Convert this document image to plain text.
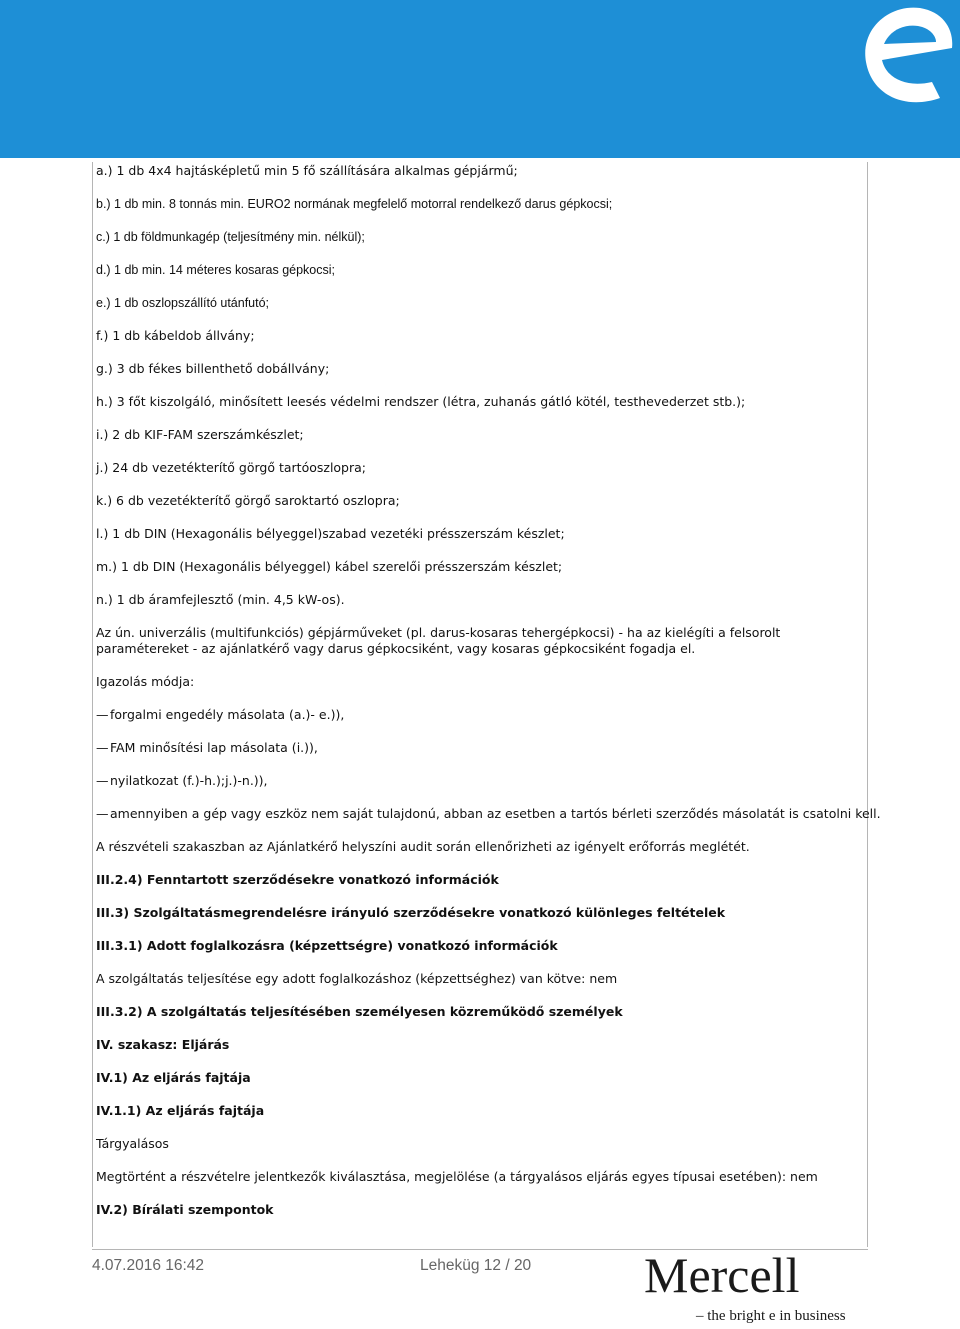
a.) 1 db 4x4 hajtásképletű min 5 fő szállítására alkalmas gépjármű;
b.) 1 db min. 8 tonnás min. EURO2 normának megfelelő motorral rendelkező darus gépkocsi;
c.) 1 db földmunkagép (teljesítmény min. nélkül);
d.) 1 db min. 14 méteres kosaras gépkocsi;
e.) 1 db oszlopszállító utánfutó;
f.) 1 db kábeldob állvány;
g.) 3 db fékes billenthető dobállvány;
h.) 3 főt kiszolgáló, minősített leesés védelmi rendszer (létra, zuhanás gátló kötél, testhevederzet stb.);
i.) 2 db KIF-FAM szerszámkészlet;
j.) 24 db vezetékterítő görgő tartóoszlopra;
k.) 6 db vezetékterítő görgő saroktartó oszlopra;
l.) 1 db DIN (Hexagonális bélyeggel)szabad vezetéki présszerszám készlet;
m.) 1 db DIN (Hexagonális bélyeggel) kábel szerelői présszerszám készlet;
n.) 1 db áramfejlesztő (min. 4,5 kW-os).
Az ún. univerzális (multifunkciós) gépjárműveket (pl. darus-kosaras tehergépkocsi) - ha az kielégíti a felsorolt paramétereket - az ajánlatkérő vagy darus gépkocsiként, vagy kosaras gépkocsiként fogadja el.
Igazolás módja:
— forgalmi engedély másolata (a.)- e.)),
— FAM minősítési lap másolata (i.)),
— nyilatkozat (f.)-h.);j.)-n.)),
— amennyiben a gép vagy eszköz nem saját tulajdonú, abban az esetben a tartós bérleti szerződés másolatát is csatolni kell.
A részvételi szakaszban az Ajánlatkérő helyszíni audit során ellenőrizheti az igényelt erőforrás meglétét.
III.2.4) Fenntartott szerződésekre vonatkozó információk
III.3) Szolgáltatásmegrendelésre irányuló szerződésekre vonatkozó különleges feltételek
III.3.1) Adott foglalkozásra (képzettségre) vonatkozó információk
A szolgáltatás teljesítése egy adott foglalkozáshoz (képzettséghez) van kötve: nem
III.3.2) A szolgáltatás teljesítésében személyesen közreműködő személyek
IV. szakasz: Eljárás
IV.1) Az eljárás fajtája
IV.1.1) Az eljárás fajtája
Tárgyalásos
Megtörtént a részvételre jelentkezők kiválasztása, megjelölése (a tárgyalásos eljárás egyes típusai esetében): nem
IV.2) Bírálati szempontok
4.07.2016 16:42	Leheküg 12 / 20 Mercell
– the bright e in business
